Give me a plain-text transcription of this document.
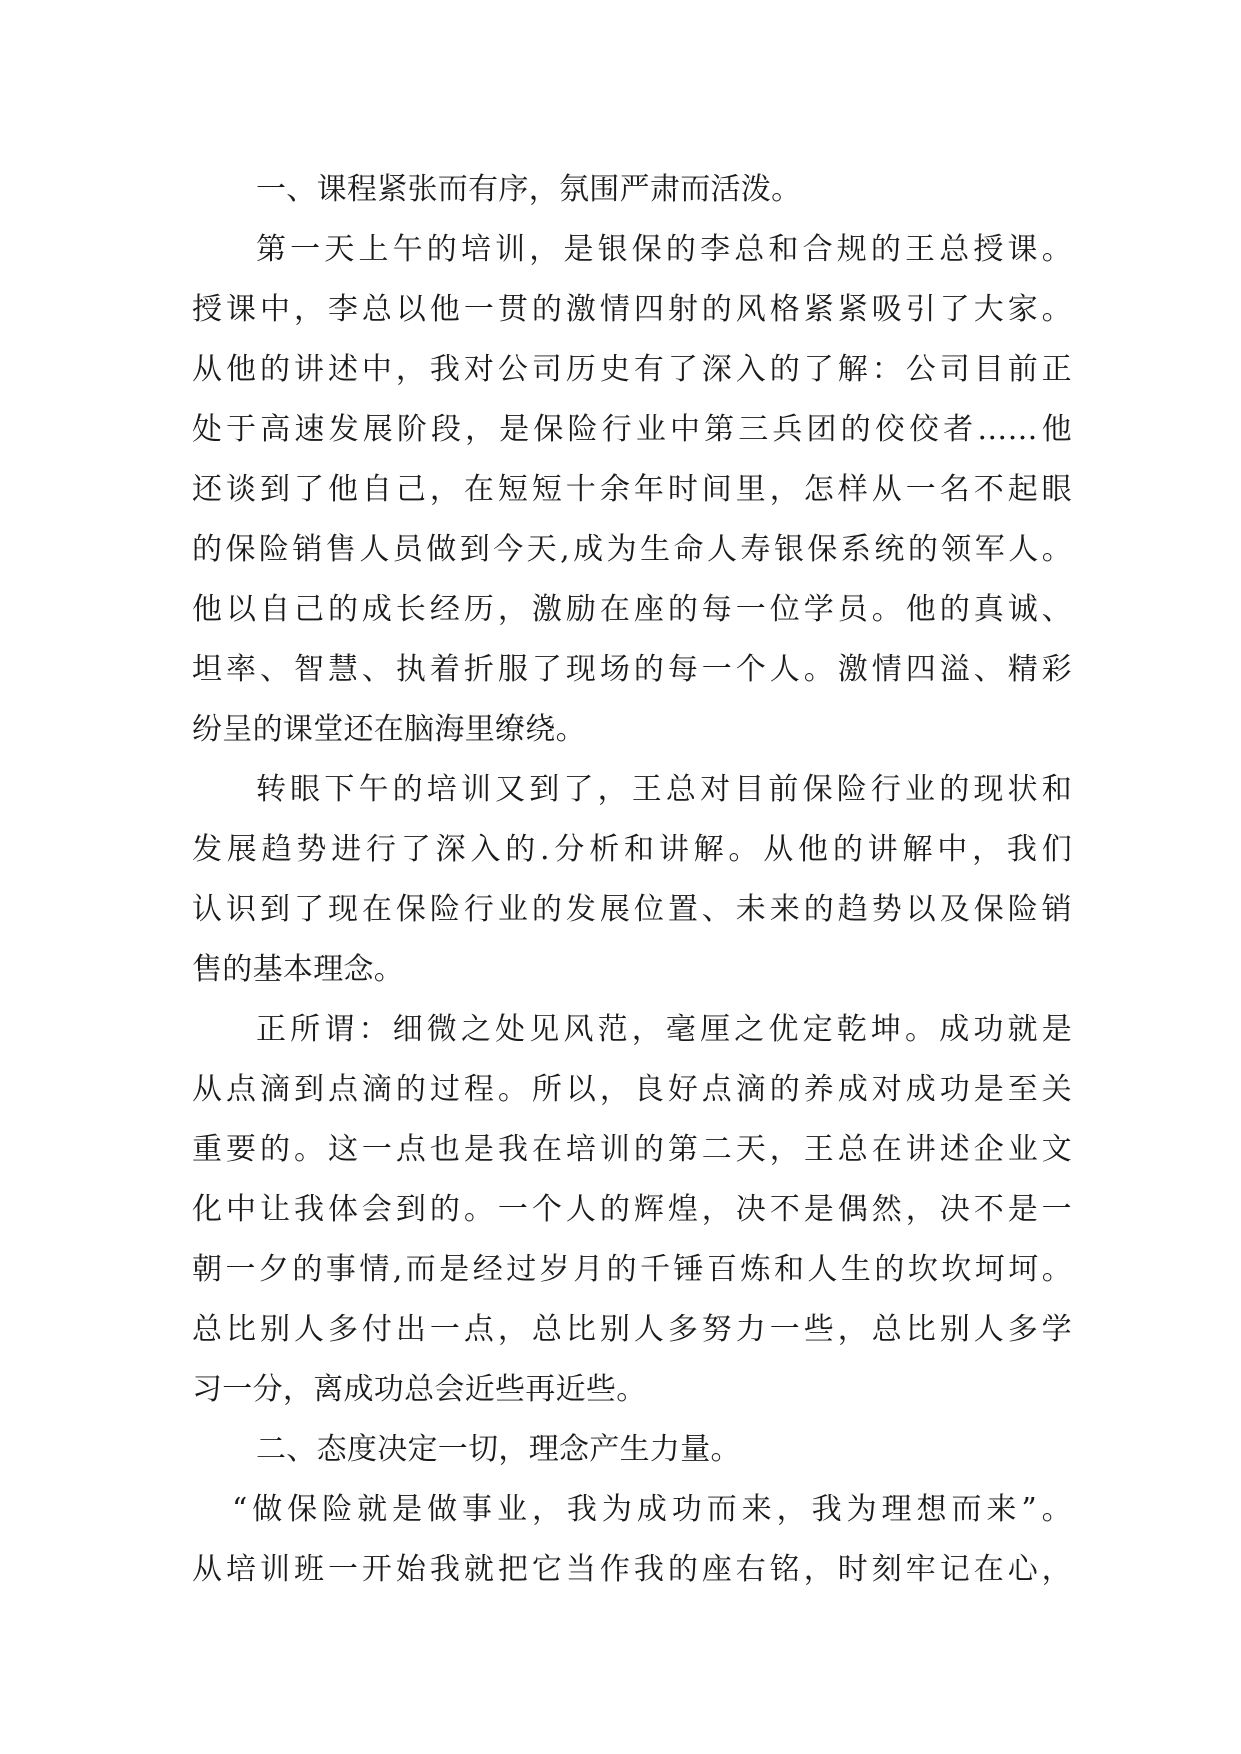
一、课程紧张而有序，氛围严肃而活泼。
第一天上午的培训，是银保的李总和合规的王总授课。
授课中，李总以他一贯的激情四射的风格紧紧吸引了大家。
从他的讲述中，我对公司历史有了深入的了解：公司目前正
处于高速发展阶段，是保险行业中第三兵团的佼佼者……他
还谈到了他自己，在短短十余年时间里，怎样从一名不起眼
的保险销售人员做到今天,成为生命人寿银保系统的领军人。
他以自己的成长经历，激励在座的每一位学员。他的真诚、
坦率、智慧、执着折服了现场的每一个人。激情四溢、精彩
纷呈的课堂还在脑海里缭绕。
转眼下午的培训又到了，王总对目前保险行业的现状和
发展趋势进行了深入的.分析和讲解。从他的讲解中，我们
认识到了现在保险行业的发展位置、未来的趋势以及保险销
售的基本理念。
正所谓：细微之处见风范，毫厘之优定乾坤。成功就是
从点滴到点滴的过程。所以，良好点滴的养成对成功是至关
重要的。这一点也是我在培训的第二天，王总在讲述企业文
化中让我体会到的。一个人的辉煌，决不是偶然，决不是一
朝一夕的事情,而是经过岁月的千锤百炼和人生的坎坎坷坷。
总比别人多付出一点，总比别人多努力一些，总比别人多学
习一分，离成功总会近些再近些。
二、态度决定一切，理念产生力量。
“做保险就是做事业，我为成功而来，我为理想而来”。
从培训班一开始我就把它当作我的座右铭，时刻牢记在心，
